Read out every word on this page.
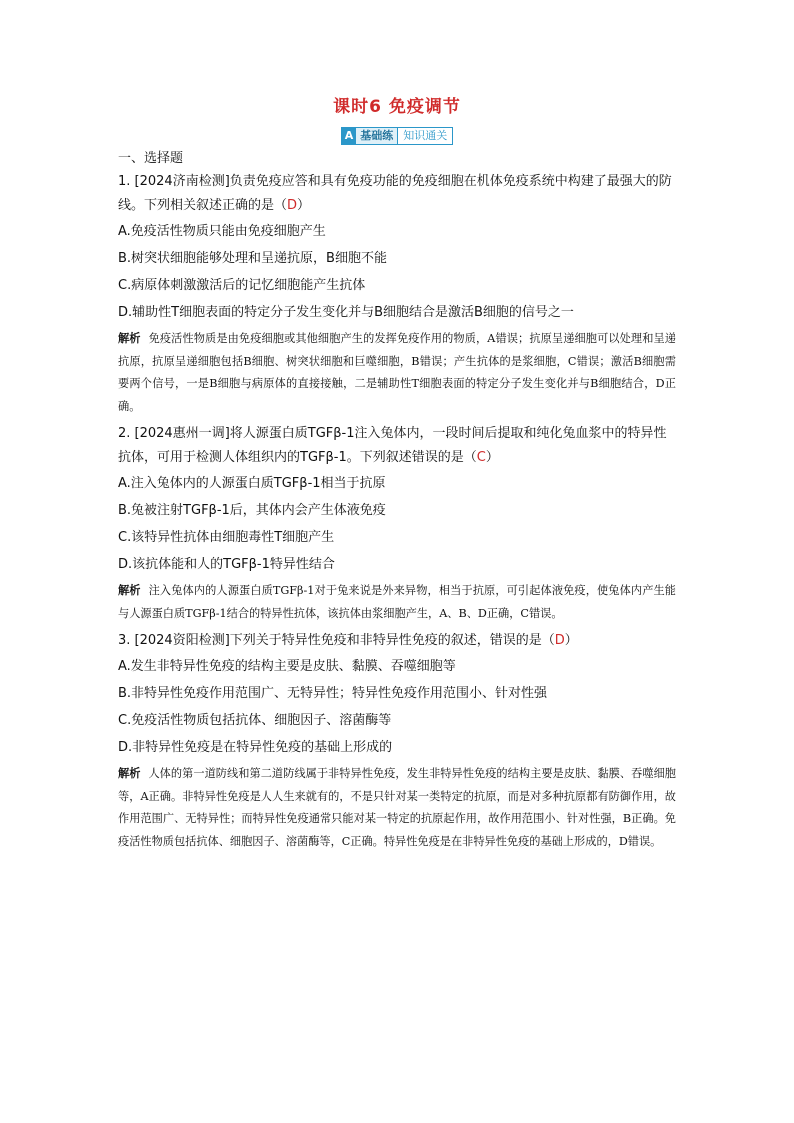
课时6 免疫调节
A 基础练 知识通关
一、选择题

1. [2024济南检测]负责免疫应答和具有免疫功能的免疫细胞在机体免疫系统中构建了最强大的防线。下列相关叙述正确的是（D）

A.免疫活性物质只能由免疫细胞产生

B.树突状细胞能够处理和呈递抗原，B细胞不能

C.病原体刺激激活后的记忆细胞能产生抗体

D.辅助性T细胞表面的特定分子发生变化并与B细胞结合是激活B细胞的信号之一

解析 免疫活性物质是由免疫细胞或其他细胞产生的发挥免疫作用的物质，A错误；抗原呈递细胞可以处理和呈递抗原，抗原呈递细胞包括B细胞、树突状细胞和巨噬细胞，B错误；产生抗体的是浆细胞，C错误；激活B细胞需要两个信号，一是B细胞与病原体的直接接触，二是辅助性T细胞表面的特定分子发生变化并与B细胞结合，D正确。

2. [2024惠州一调]将人源蛋白质TGFβ-1注入兔体内，一段时间后提取和纯化兔血浆中的特异性抗体，可用于检测人体组织内的TGFβ-1。下列叙述错误的是（C）

A.注入兔体内的人源蛋白质TGFβ-1相当于抗原

B.兔被注射TGFβ-1后，其体内会产生体液免疫

C.该特异性抗体由细胞毒性T细胞产生

D.该抗体能和人的TGFβ-1特异性结合

解析 注入兔体内的人源蛋白质TGFβ-1对于兔来说是外来异物，相当于抗原，可引起体液免疫，使兔体内产生能与人源蛋白质TGFβ-1结合的特异性抗体，该抗体由浆细胞产生，A、B、D正确，C错误。

3. [2024资阳检测]下列关于特异性免疫和非特异性免疫的叙述，错误的是（D）

A.发生非特异性免疫的结构主要是皮肤、黏膜、吞噬细胞等

B.非特异性免疫作用范围广、无特异性；特异性免疫作用范围小、针对性强

C.免疫活性物质包括抗体、细胞因子、溶菌酶等

D.非特异性免疫是在特异性免疫的基础上形成的

解析 人体的第一道防线和第二道防线属于非特异性免疫，发生非特异性免疫的结构主要是皮肤、黏膜、吞噬细胞等，A正确。非特异性免疫是人人生来就有的，不是只针对某一类特定的抗原，而是对多种抗原都有防御作用，故作用范围广、无特异性；而特异性免疫通常只能对某一特定的抗原起作用，故作用范围小、针对性强，B正确。免疫活性物质包括抗体、细胞因子、溶菌酶等，C正确。特异性免疫是在非特异性免疫的基础上形成的，D错误。
